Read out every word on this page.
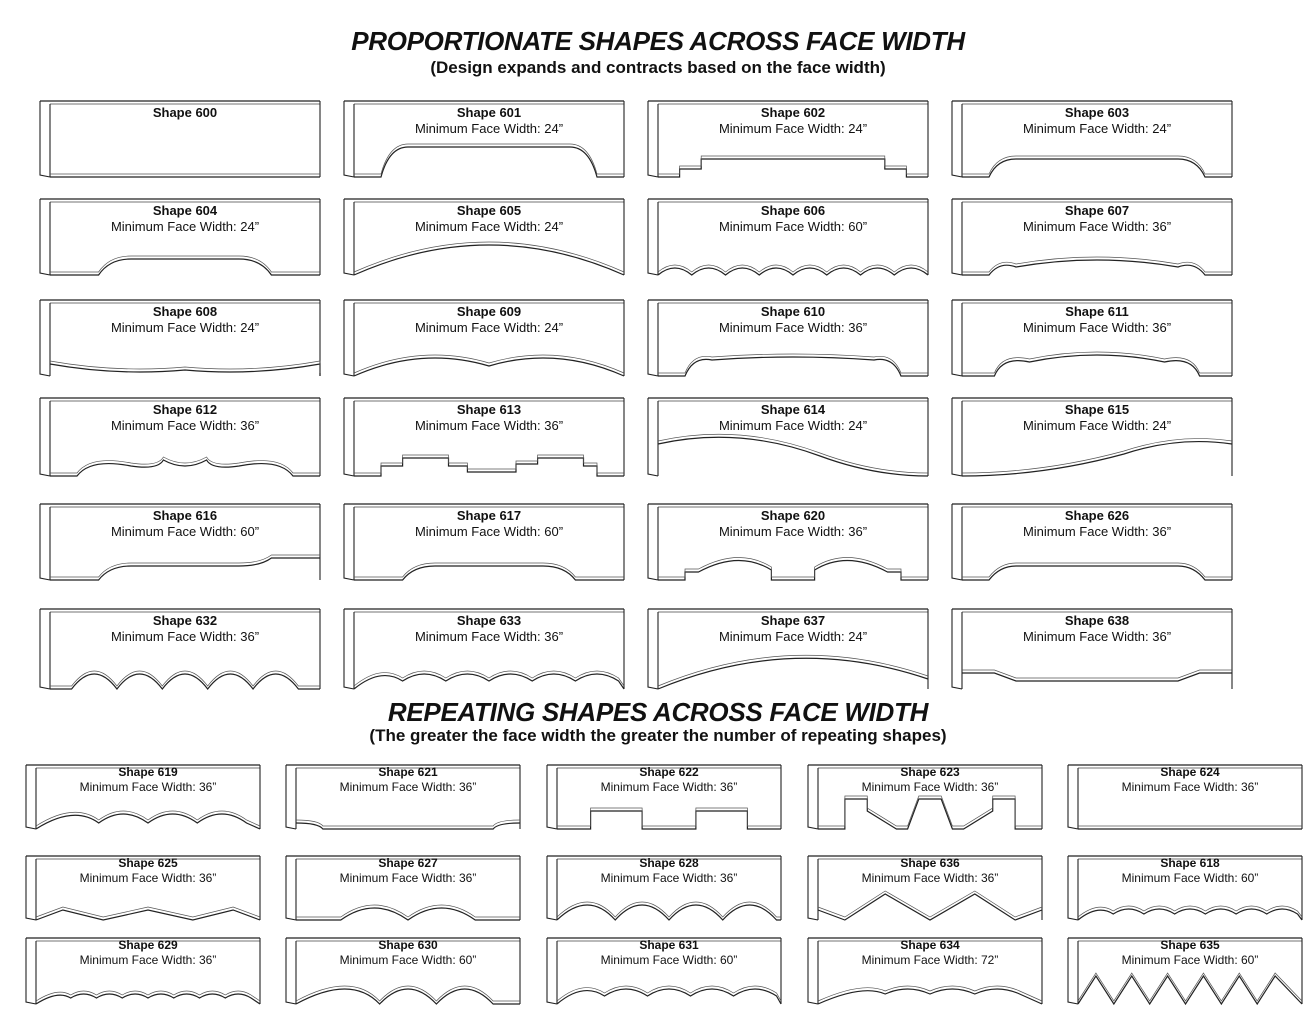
PROPORTIONATE SHAPES ACROSS FACE WIDTH
(Design expands and contracts based on the face width)
Shape 600	Shape 601
Minimum Face Width: 24”
Shape 602
Minimum Face Width: 24”
Shape 603
Minimum Face Width: 24”
Shape 604
Minimum Face Width: 24”
Shape 605
Minimum Face Width: 24”
Shape 606
Minimum Face Width: 60”
Shape 607
Minimum Face Width: 36”
Shape 608
Minimum Face Width: 24”
Shape 609
Minimum Face Width: 24”
Shape 610
Minimum Face Width: 36”
Shape 611
Minimum Face Width: 36”
Shape 612
Minimum Face Width: 36”
Shape 613
Minimum Face Width: 36”
Shape 614
Minimum Face Width: 24”
Shape 615
Minimum Face Width: 24”
Shape 616
Minimum Face Width: 60”
Shape 617
Minimum Face Width: 60”
Shape 620
Minimum Face Width: 36”
Shape 626
Minimum Face Width: 36”
Shape 632
Minimum Face Width: 36”
Shape 633
Minimum Face Width: 36”
Shape 637
Minimum Face Width: 24”
Shape 638
Minimum Face Width: 36”
REPEATING SHAPES ACROSS FACE WIDTH
(The greater the face width the greater the number of repeating shapes)
Shape 619
Minimum Face Width: 36”
Shape 621
Minimum Face Width: 36”
Shape 622
Minimum Face Width: 36”
Shape 623
Minimum Face Width: 36”
Shape 624
Minimum Face Width: 36”
Shape 625
Minimum Face Width: 36”
Shape 627
Minimum Face Width: 36”
Shape 628
Minimum Face Width: 36”
Shape 636
Minimum Face Width: 36”
Shape 618
Minimum Face Width: 60”
Shape 629
Minimum Face Width: 36”
Shape 630
Minimum Face Width: 60”
Shape 631
Minimum Face Width: 60”
Shape 634
Minimum Face Width: 72”
Shape 635
Minimum Face Width: 60”
